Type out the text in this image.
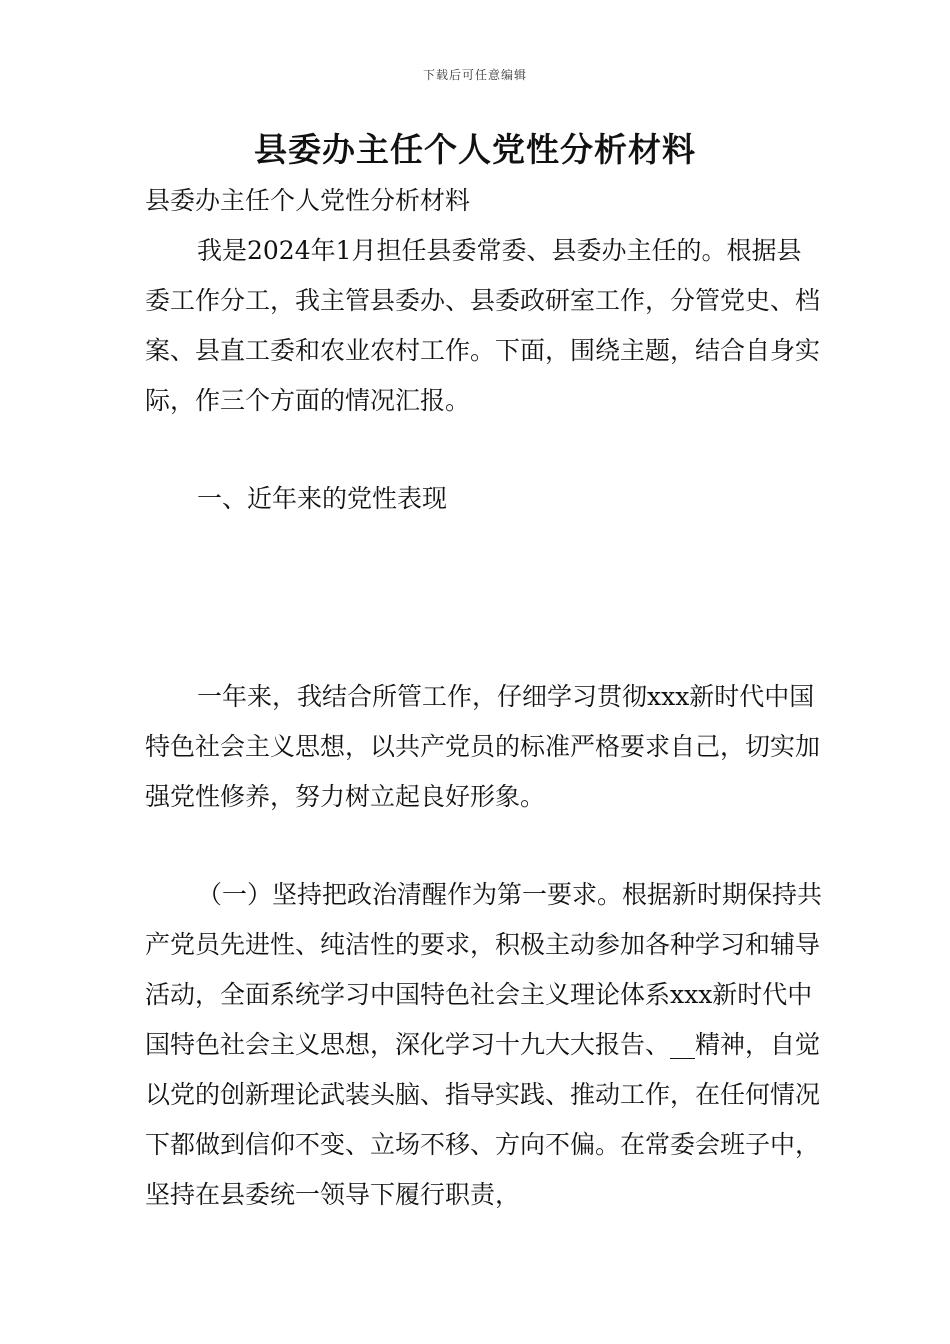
下载后可任意编辑
县委办主任个人党性分析材料

县委办主任个人党性分析材料

我是2024年1月担任县委常委、县委办主任的。根据县委工作分工，我主管县委办、县委政研室工作，分管党史、档案、县直工委和农业农村工作。下面，围绕主题，结合自身实际，作三个方面的情况汇报。

一、近年来的党性表现

一年来，我结合所管工作，仔细学习贯彻xxx新时代中国特色社会主义思想，以共产党员的标准严格要求自己，切实加强党性修养，努力树立起良好形象。

（一）坚持把政治清醒作为第一要求。根据新时期保持共产党员先进性、纯洁性的要求，积极主动参加各种学习和辅导活动，全面系统学习中国特色社会主义理论体系xxx新时代中国特色社会主义思想，深化学习十九大大报告、__精神，自觉以党的创新理论武装头脑、指导实践、推动工作，在任何情况下都做到信仰不变、立场不移、方向不偏。在常委会班子中，坚持在县委统一领导下履行职责，
